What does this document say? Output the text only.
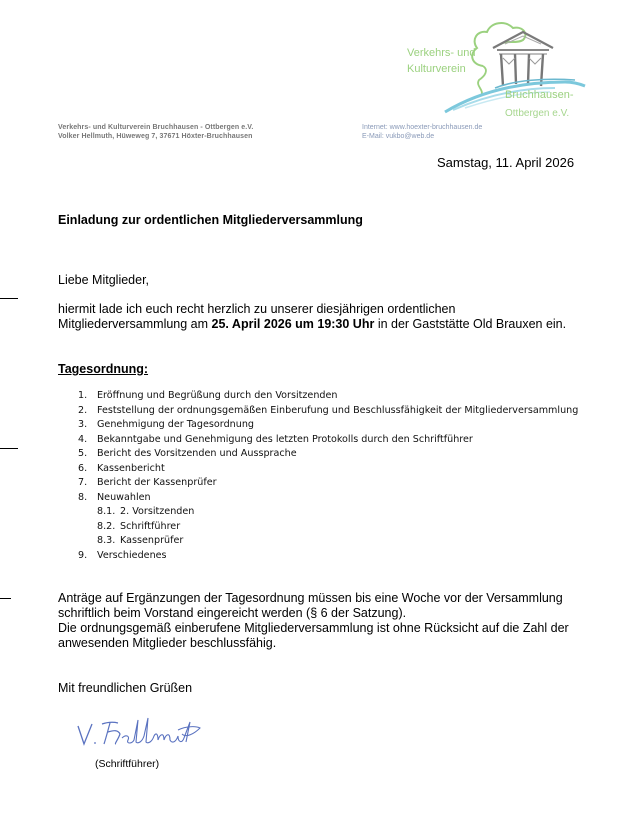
Verkehrs- und
Kulturverein
Bruchhausen-
Ottbergen e.V.
Verkehrs- und Kulturverein Bruchhausen - Ottbergen e.V.
Volker Hellmuth, Hüweweg 7, 37671 Höxter-Bruchhausen
Internet: www.hoexter-bruchhausen.de
E-Mail: vukbo@web.de
Samstag, 11. April 2026
Einladung zur ordentlichen Mitgliederversammlung
Liebe Mitglieder,
hiermit lade ich euch recht herzlich zu unserer diesjährigen ordentlichen
Mitgliederversammlung am 25. April 2026 um 19:30 Uhr in der Gaststätte Old Brauxen ein.
Tagesordnung:
1. Eröffnung und Begrüßung durch den Vorsitzenden
2. Feststellung der ordnungsgemäßen Einberufung und Beschlussfähigkeit der Mitgliederversammlung
3. Genehmigung der Tagesordnung
4. Bekanntgabe und Genehmigung des letzten Protokolls durch den Schriftführer
5. Bericht des Vorsitzenden und Aussprache
6. Kassenbericht
7. Bericht der Kassenprüfer
8. Neuwahlen
8.1. 2. Vorsitzenden
8.2. Schriftführer
8.3. Kassenprüfer
9. Verschiedenes
Anträge auf Ergänzungen der Tagesordnung müssen bis eine Woche vor der Versammlung
schriftlich beim Vorstand eingereicht werden (§ 6 der Satzung).
Die ordnungsgemäß einberufene Mitgliederversammlung ist ohne Rücksicht auf die Zahl der
anwesenden Mitglieder beschlussfähig.
Mit freundlichen Grüßen
(Schriftführer)
